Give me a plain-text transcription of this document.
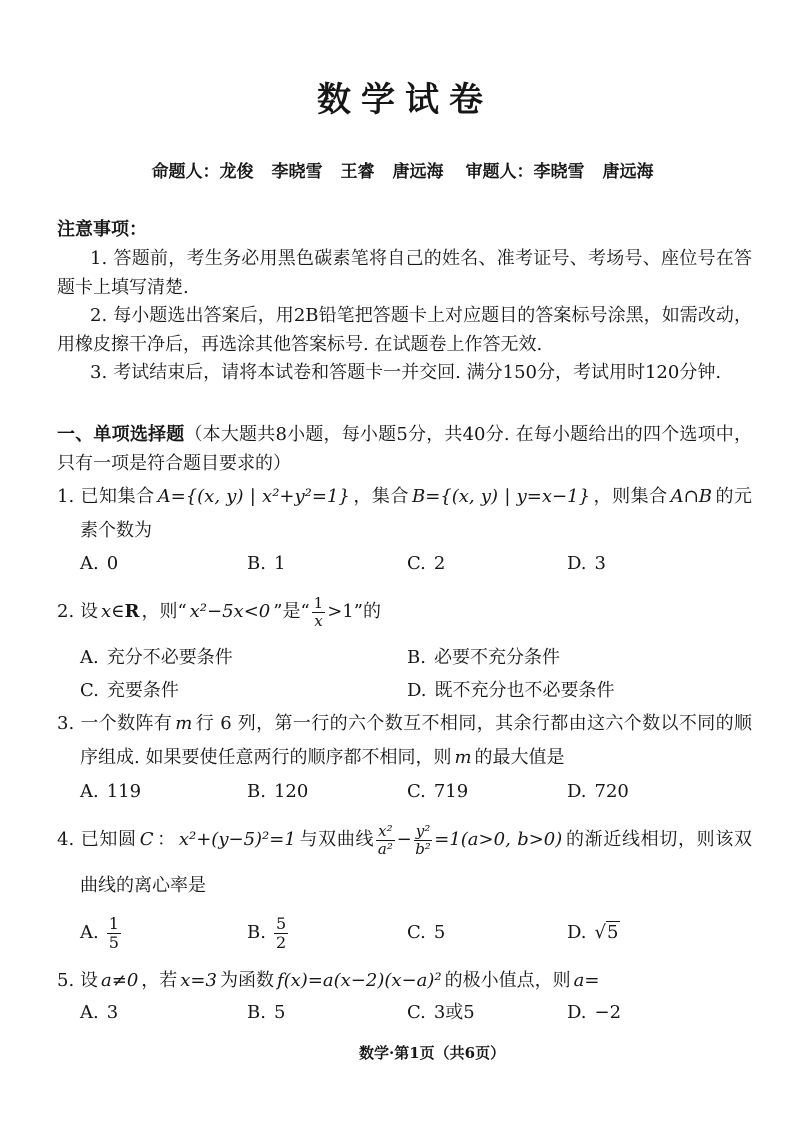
数学试卷
命题人： 龙俊 李晓雪 王睿 唐远海 审题人： 李晓雪 唐远海
注意事项：

1. 答题前，考生务必用黑色碳素笔将自己的姓名、准考证号、考场号、座位号在答题卡上填写清楚.

2. 每小题选出答案后，用2B铅笔把答题卡上对应题目的答案标号涂黑，如需改动，用橡皮擦干净后，再选涂其他答案标号. 在试题卷上作答无效.

3. 考试结束后，请将本试卷和答题卡一并交回. 满分150分，考试用时120分钟.

一、单项选择题（本大题共8小题，每小题5分，共40分. 在每小题给出的四个选项中，只有一项是符合题目要求的）
1. 已知集合 A={(x, y) | x²+y²=1} ，集合 B={(x, y) | y=x−1} ，则集合 A∩B 的元素个数为
A. 0	B. 1	C. 2	D. 3
2. 设 x∈R ，则“ x²−5x<0 ”是“ $\frac{1}{x} >1$”的
A. 充分不必要条件	B. 必要不充分条件
C. 充要条件	D. 既不充分也不必要条件
3. 一个数阵有 m 行 6 列，第一行的六个数互不相同，其余行都由这六个数以不同的顺序组成. 如果要使任意两行的顺序都不相同，则 m 的最大值是
A. 119	B. 120	C. 719	D. 720
4. 已知圆 C ： x²+(y−5)²=1 与双曲线 $\frac{\text{x²}}{\text{a²}} - \frac{\text{y²}}{\text{b²}} =1(a>0$, b>0) 的渐近线相切，则该双曲线的离心率是
A. $\frac{1}{5}$	B. $\frac{5}{2}$	C. 5	D. √5
5. 设 a≠0 ，若 x=3 为函数 f(x)=a(x−2)(x−a)² 的极小值点，则 a=
A. 3	B. 5	C. 3或5	D. −2
数学·第1页（共6页）
